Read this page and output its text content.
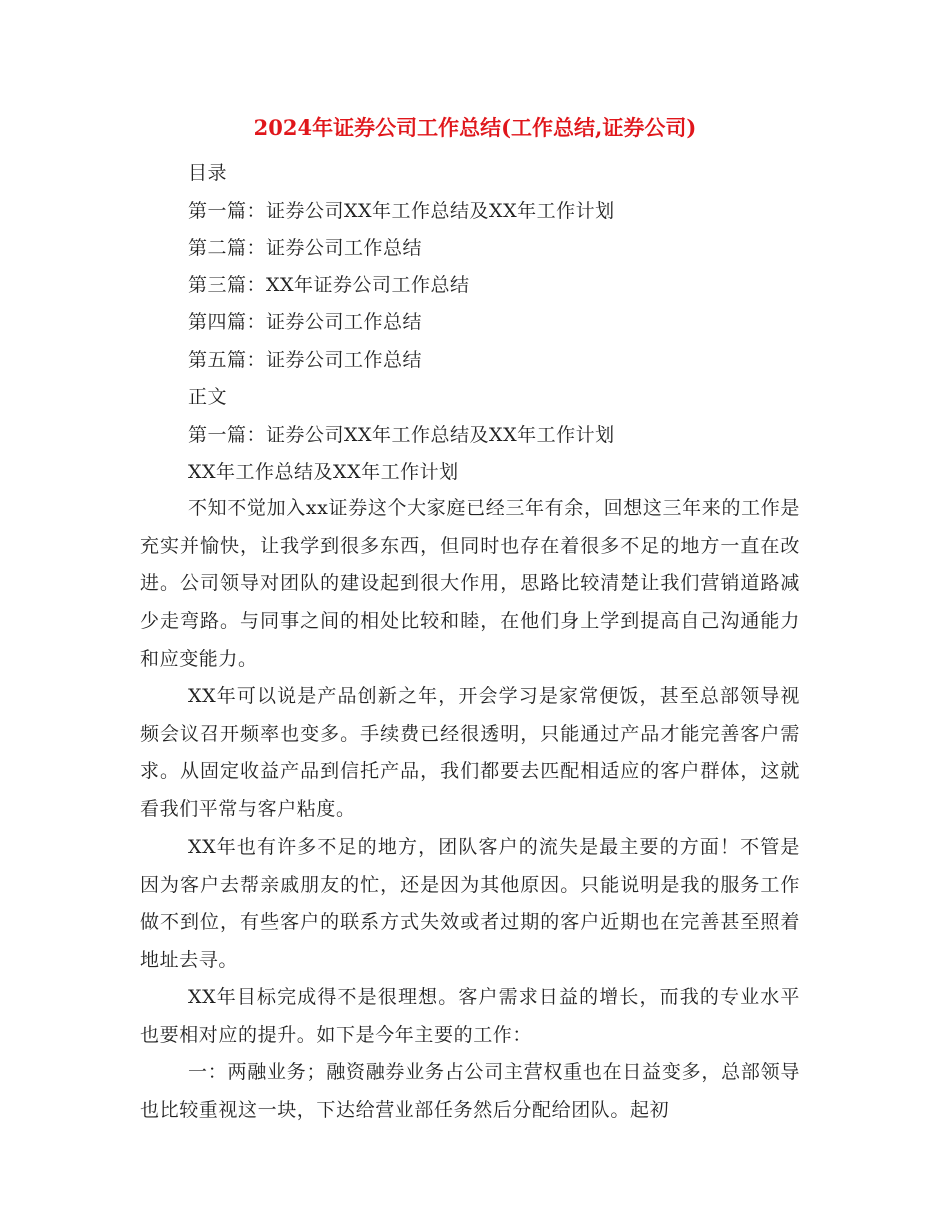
2024年证券公司工作总结(工作总结,证券公司)
目录
第一篇：证券公司XX年工作总结及XX年工作计划
第二篇：证券公司工作总结
第三篇：XX年证券公司工作总结
第四篇：证券公司工作总结
第五篇：证券公司工作总结
正文
第一篇：证券公司XX年工作总结及XX年工作计划
XX年工作总结及XX年工作计划

不知不觉加入xx证券这个大家庭已经三年有余，回想这三年来的工作是充实并愉快，让我学到很多东西，但同时也存在着很多不足的地方一直在改进。公司领导对团队的建设起到很大作用，思路比较清楚让我们营销道路减少走弯路。与同事之间的相处比较和睦，在他们身上学到提高自己沟通能力和应变能力。

XX年可以说是产品创新之年，开会学习是家常便饭，甚至总部领导视频会议召开频率也变多。手续费已经很透明，只能通过产品才能完善客户需求。从固定收益产品到信托产品，我们都要去匹配相适应的客户群体，这就看我们平常与客户粘度。

XX年也有许多不足的地方，团队客户的流失是最主要的方面！不管是因为客户去帮亲戚朋友的忙，还是因为其他原因。只能说明是我的服务工作做不到位，有些客户的联系方式失效或者过期的客户近期也在完善甚至照着地址去寻。

XX年目标完成得不是很理想。客户需求日益的增长，而我的专业水平也要相对应的提升。如下是今年主要的工作：

一：两融业务；融资融券业务占公司主营权重也在日益变多，总部领导也比较重视这一块，下达给营业部任务然后分配给团队。起初
